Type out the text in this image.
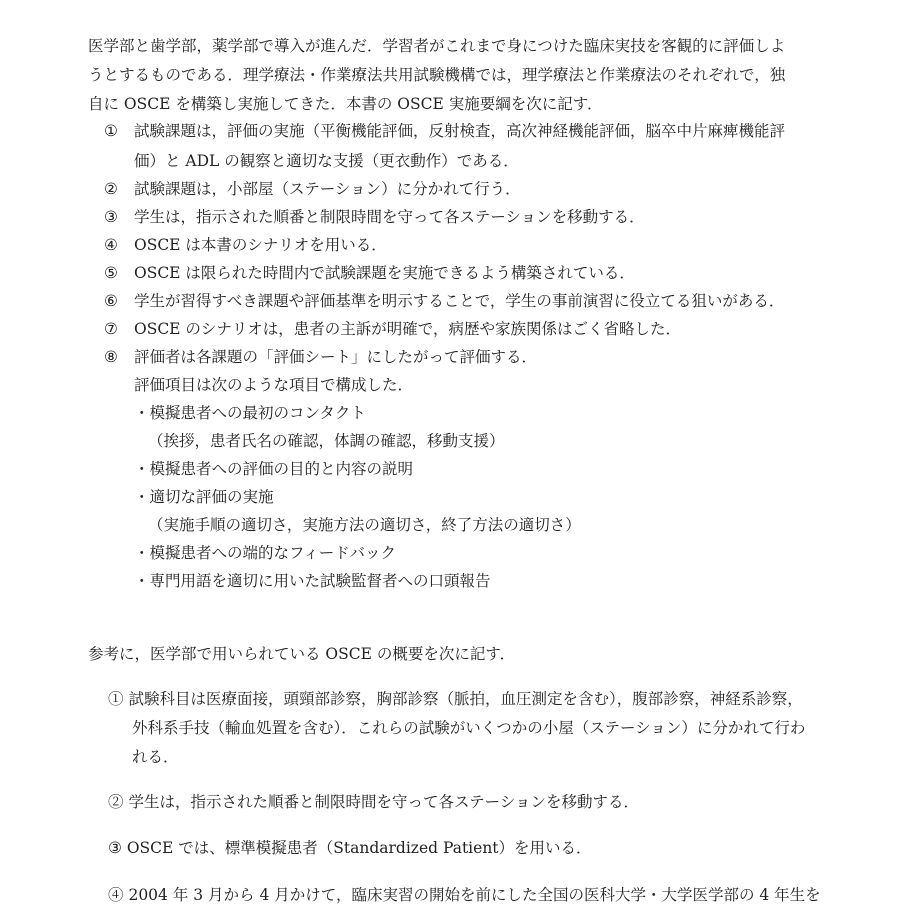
医学部と歯学部，薬学部で導入が進んだ．学習者がこれまで身につけた臨床実技を客観的に評価しよ
うとするものである．理学療法・作業療法共用試験機構では，理学療法と作業療法のそれぞれで，独
自に OSCE を構築し実施してきた．本書の OSCE 実施要綱を次に記す．
① 試験課題は，評価の実施（平衡機能評価，反射検査，高次神経機能評価，脳卒中片麻痺機能評
価）と ADL の観察と適切な支援（更衣動作）である．
② 試験課題は，小部屋（ステーション）に分かれて行う．
③ 学生は，指示された順番と制限時間を守って各ステーションを移動する．
④ OSCE は本書のシナリオを用いる．
⑤ OSCE は限られた時間内で試験課題を実施できるよう構築されている．
⑥ 学生が習得すべき課題や評価基準を明示することで，学生の事前演習に役立てる狙いがある．
⑦ OSCE のシナリオは，患者の主訴が明確で，病歴や家族関係はごく省略した．
⑧ 評価者は各課題の「評価シート」にしたがって評価する．
評価項目は次のような項目で構成した．
・模擬患者への最初のコンタクト
（挨拶，患者氏名の確認，体調の確認，移動支援）
・模擬患者への評価の目的と内容の説明
・適切な評価の実施
（実施手順の適切さ，実施方法の適切さ，終了方法の適切さ）
・模擬患者への端的なフィードバック
・専門用語を適切に用いた試験監督者への口頭報告
参考に，医学部で用いられている OSCE の概要を次に記す．
① 試験科目は医療面接，頭頸部診察，胸部診察（脈拍，血圧測定を含む），腹部診察，神経系診察，
外科系手技（輸血処置を含む）．これらの試験がいくつかの小屋（ステーション）に分かれて行わ
れる．
② 学生は，指示された順番と制限時間を守って各ステーションを移動する．
③ OSCE では、標準模擬患者（Standardized Patient）を用いる．
④ 2004 年 3 月から 4 月かけて，臨床実習の開始を前にした全国の医科大学・大学医学部の 4 年生を
